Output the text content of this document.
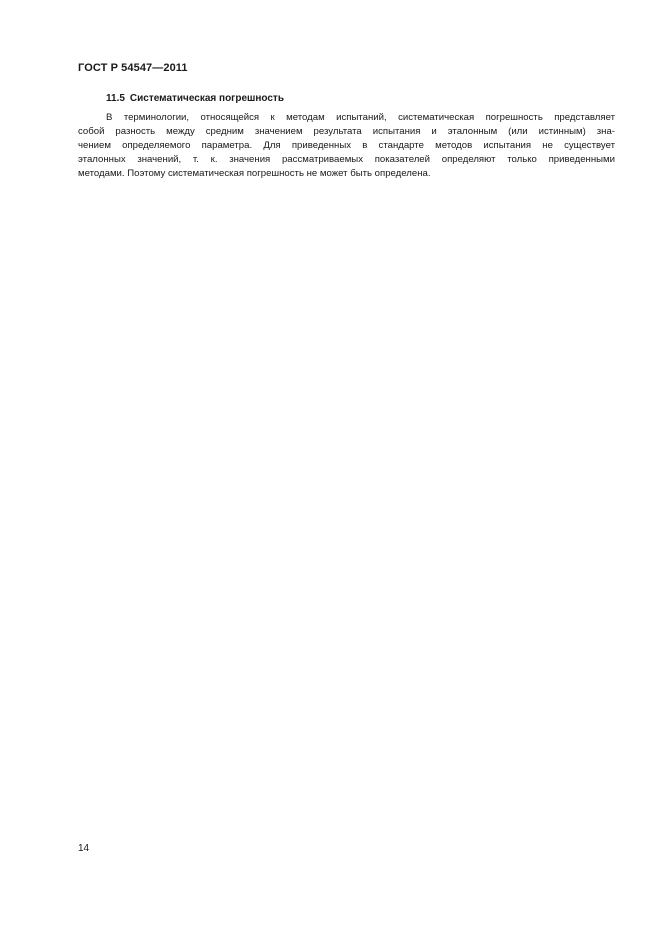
ГОСТ Р 54547—2011
11.5 Систематическая погрешность
В терминологии, относящейся к методам испытаний, систематическая погрешность представляет
собой разность между средним значением результата испытания и эталонным (или истинным) зна-
чением определяемого параметра. Для приведенных в стандарте методов испытания не существует
эталонных значений, т. к. значения рассматриваемых показателей определяют только приведенными
методами. Поэтому систематическая погрешность не может быть определена.
14
